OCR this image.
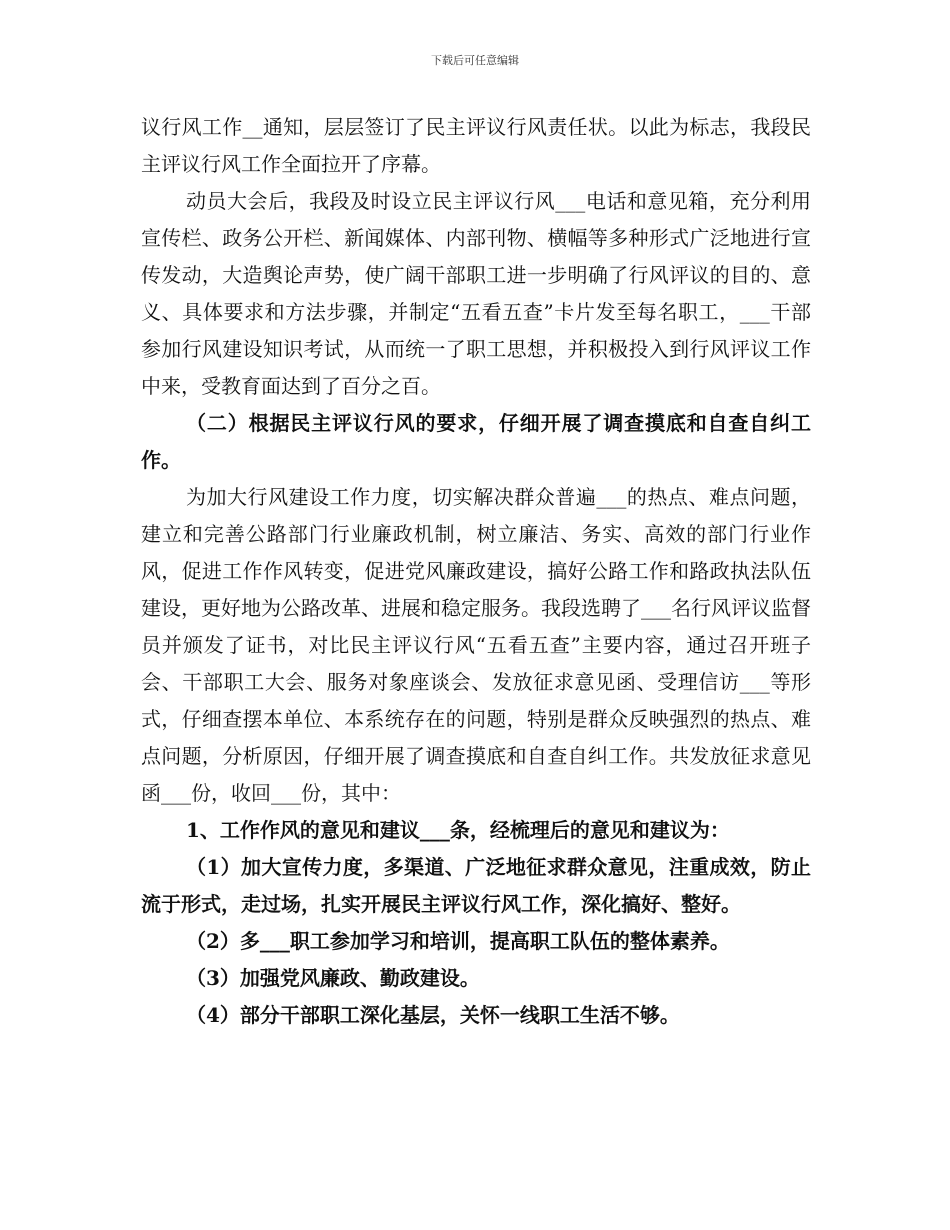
下载后可任意编辑

议行风工作__通知，层层签订了民主评议行风责任状。以此为标志，我段民主评议行风工作全面拉开了序幕。

动员大会后，我段及时设立民主评议行风___电话和意见箱，充分利用宣传栏、政务公开栏、新闻媒体、内部刊物、横幅等多种形式广泛地进行宣传发动，大造舆论声势，使广阔干部职工进一步明确了行风评议的目的、意义、具体要求和方法步骤，并制定“五看五查”卡片发至每名职工，___干部参加行风建设知识考试，从而统一了职工思想，并积极投入到行风评议工作中来，受教育面达到了百分之百。

（二）根据民主评议行风的要求，仔细开展了调查摸底和自查自纠工作。

为加大行风建设工作力度，切实解决群众普遍___的热点、难点问题，建立和完善公路部门行业廉政机制，树立廉洁、务实、高效的部门行业作风，促进工作作风转变，促进党风廉政建设，搞好公路工作和路政执法队伍建设，更好地为公路改革、进展和稳定服务。我段选聘了___名行风评议监督员并颁发了证书，对比民主评议行风“五看五查”主要内容，通过召开班子会、干部职工大会、服务对象座谈会、发放征求意见函、受理信访___等形式，仔细查摆本单位、本系统存在的问题，特别是群众反映强烈的热点、难点问题，分析原因，仔细开展了调查摸底和自查自纠工作。共发放征求意见函___份，收回___份，其中：

1、工作作风的意见和建议___条，经梳理后的意见和建议为：

（1）加大宣传力度，多渠道、广泛地征求群众意见，注重成效，防止流于形式，走过场，扎实开展民主评议行风工作，深化搞好、整好。

（2）多___职工参加学习和培训，提高职工队伍的整体素养。

（3）加强党风廉政、勤政建设。

（4）部分干部职工深化基层，关怀一线职工生活不够。
